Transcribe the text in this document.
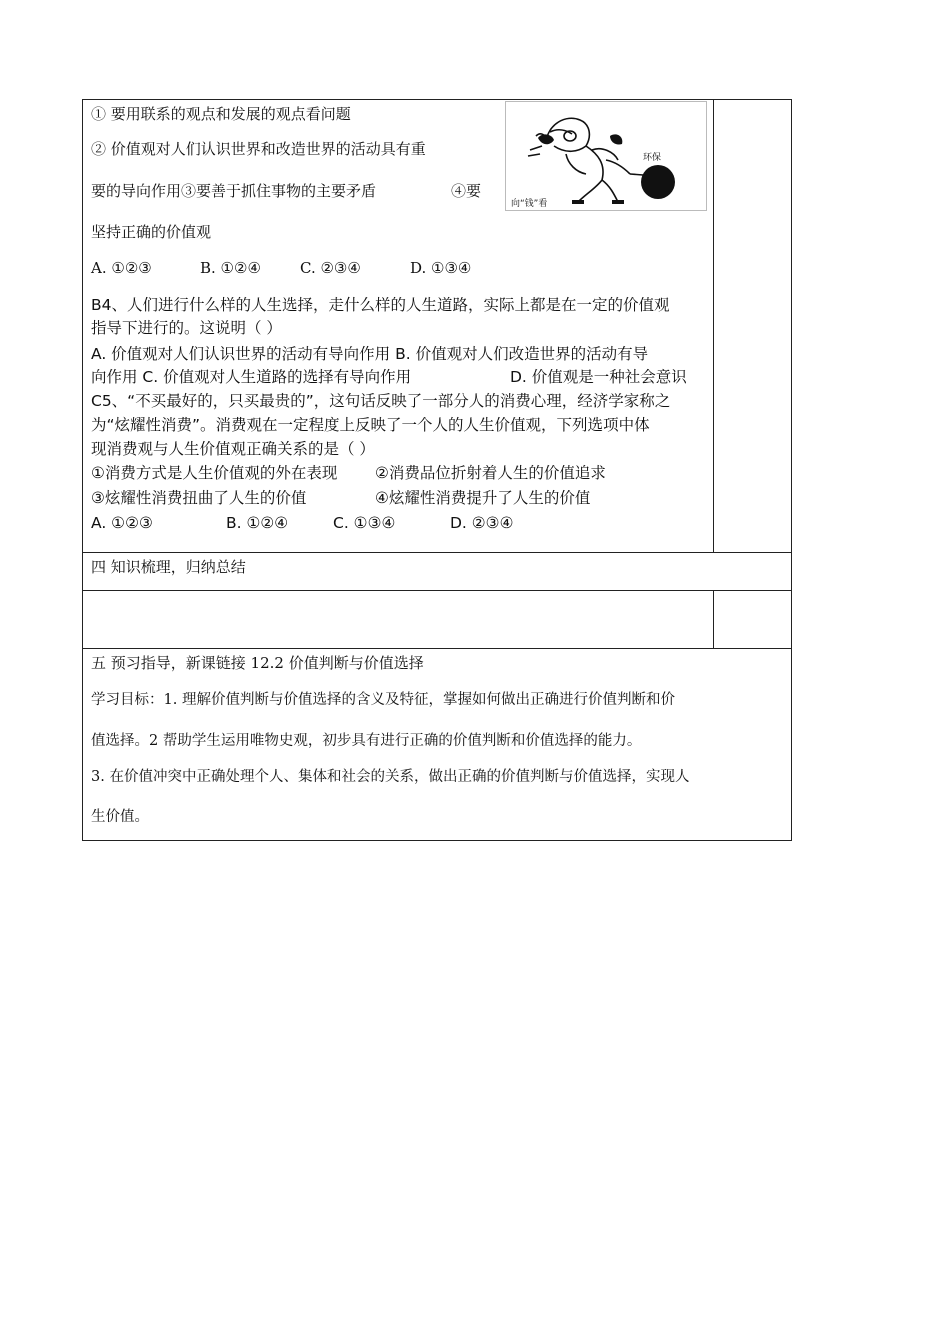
环保
向“钱”看
① 要用联系的观点和发展的观点看问题
② 价值观对人们认识世界和改造世界的活动具有重
要的导向作用③要善于抓住事物的主要矛盾	④要
坚持正确的价值观
A. ①②③	B. ①②④	C. ②③④	D. ①③④
B4、人们进行什么样的人生选择，走什么样的人生道路，实际上都是在一定的价值观
指导下进行的。这说明（ ）
A. 价值观对人们认识世界的活动有导向作用 B. 价值观对人们改造世界的活动有导
向作用 C. 价值观对人生道路的选择有导向作用	D. 价值观是一种社会意识
C5、“不买最好的，只买最贵的”，这句话反映了一部分人的消费心理，经济学家称之
为“炫耀性消费”。消费观在一定程度上反映了一个人的人生价值观，下列选项中体
现消费观与人生价值观正确关系的是（ ）
①消费方式是人生价值观的外在表现 ②消费品位折射着人生的价值追求
③炫耀性消费扭曲了人生的价值	④炫耀性消费提升了人生的价值
A. ①②③	B. ①②④	C. ①③④	D. ②③④
四 知识梳理，归纳总结
五 预习指导，新课链接 12.2 价值判断与价值选择
学习目标：1. 理解价值判断与价值选择的含义及特征，掌握如何做出正确进行价值判断和价
值选择。2 帮助学生运用唯物史观，初步具有进行正确的价值判断和价值选择的能力。
3. 在价值冲突中正确处理个人、集体和社会的关系，做出正确的价值判断与价值选择，实现人
生价值。
